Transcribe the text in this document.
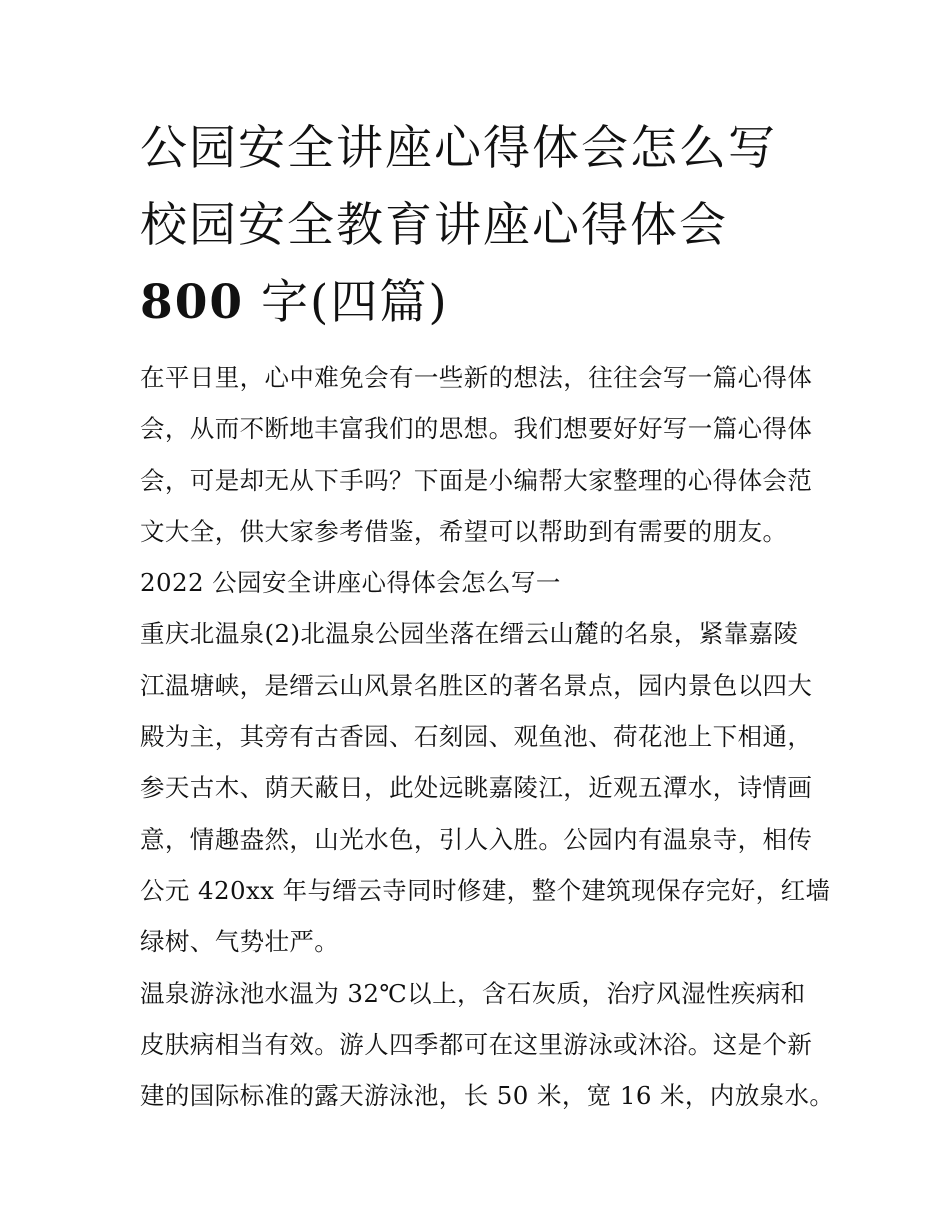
公园安全讲座心得体会怎么写
校园安全教育讲座心得体会
800 字(四篇)
在平日里，心中难免会有一些新的想法，往往会写一篇心得体
会，从而不断地丰富我们的思想。我们想要好好写一篇心得体
会，可是却无从下手吗？下面是小编帮大家整理的心得体会范
文大全，供大家参考借鉴，希望可以帮助到有需要的朋友。
2022 公园安全讲座心得体会怎么写一
重庆北温泉(2)北温泉公园坐落在缙云山麓的名泉，紧靠嘉陵
江温塘峡，是缙云山风景名胜区的著名景点，园内景色以四大
殿为主，其旁有古香园、石刻园、观鱼池、荷花池上下相通，
参天古木、荫天蔽日，此处远眺嘉陵江，近观五潭水，诗情画
意，情趣盎然，山光水色，引人入胜。公园内有温泉寺，相传
公元 420xx 年与缙云寺同时修建，整个建筑现保存完好，红墙
绿树、气势壮严。
温泉游泳池水温为 32℃以上，含石灰质，治疗风湿性疾病和
皮肤病相当有效。游人四季都可在这里游泳或沐浴。这是个新
建的国际标准的露天游泳池，长 50 米，宽 16 米，内放泉水。
